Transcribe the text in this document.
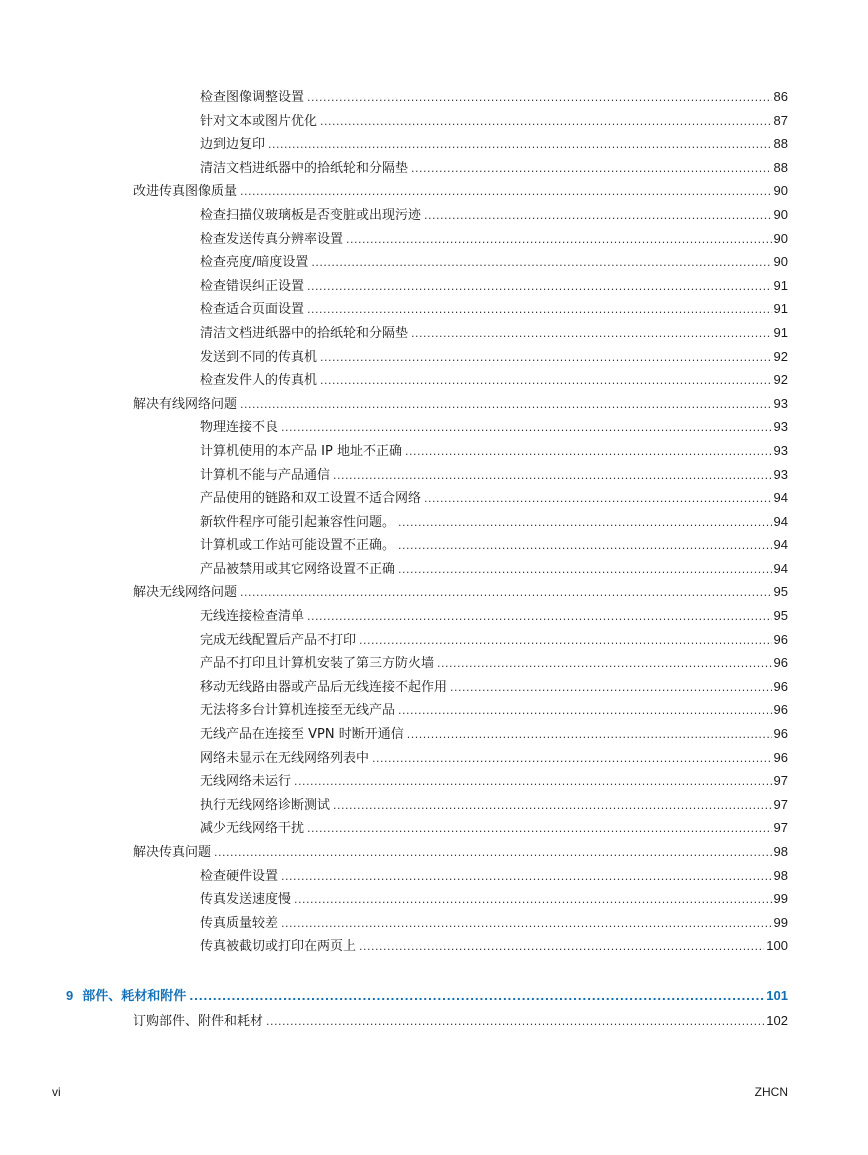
检查图像调整设置 .....	86
针对文本或图片优化 .....	87
边到边复印 .....	88
清洁文档进纸器中的拾纸轮和分隔垫 .....	88
改进传真图像质量 .....	90
检查扫描仪玻璃板是否变脏或出现污迹 .....	90
检查发送传真分辨率设置 .....	90
检查亮度/暗度设置 .....	90
检查错误纠正设置 .....	91
检查适合页面设置 .....	91
清洁文档进纸器中的拾纸轮和分隔垫 .....	91
发送到不同的传真机 .....	92
检查发件人的传真机 .....	92
解决有线网络问题 .....	93
物理连接不良 .....	93
计算机使用的本产品 IP 地址不正确 .....	93
计算机不能与产品通信 .....	93
产品使用的链路和双工设置不适合网络 .....	94
新软件程序可能引起兼容性问题。 .....	94
计算机或工作站可能设置不正确。 .....	94
产品被禁用或其它网络设置不正确 .....	94
解决无线网络问题 .....	95
无线连接检查清单 .....	95
完成无线配置后产品不打印 .....	96
产品不打印且计算机安装了第三方防火墙 .....	96
移动无线路由器或产品后无线连接不起作用 .....	96
无法将多台计算机连接至无线产品 .....	96
无线产品在连接至 VPN 时断开通信 .....	96
网络未显示在无线网络列表中 .....	96
无线网络未运行 .....	97
执行无线网络诊断测试 .....	97
减少无线网络干扰 .....	97
解决传真问题 .....	98
检查硬件设置 .....	98
传真发送速度慢 .....	99
传真质量较差 .....	99
传真被截切或打印在两页上 .....	100
9 部件、耗材和附件 .....	101
订购部件、附件和耗材 .....	102
vi	ZHCN
